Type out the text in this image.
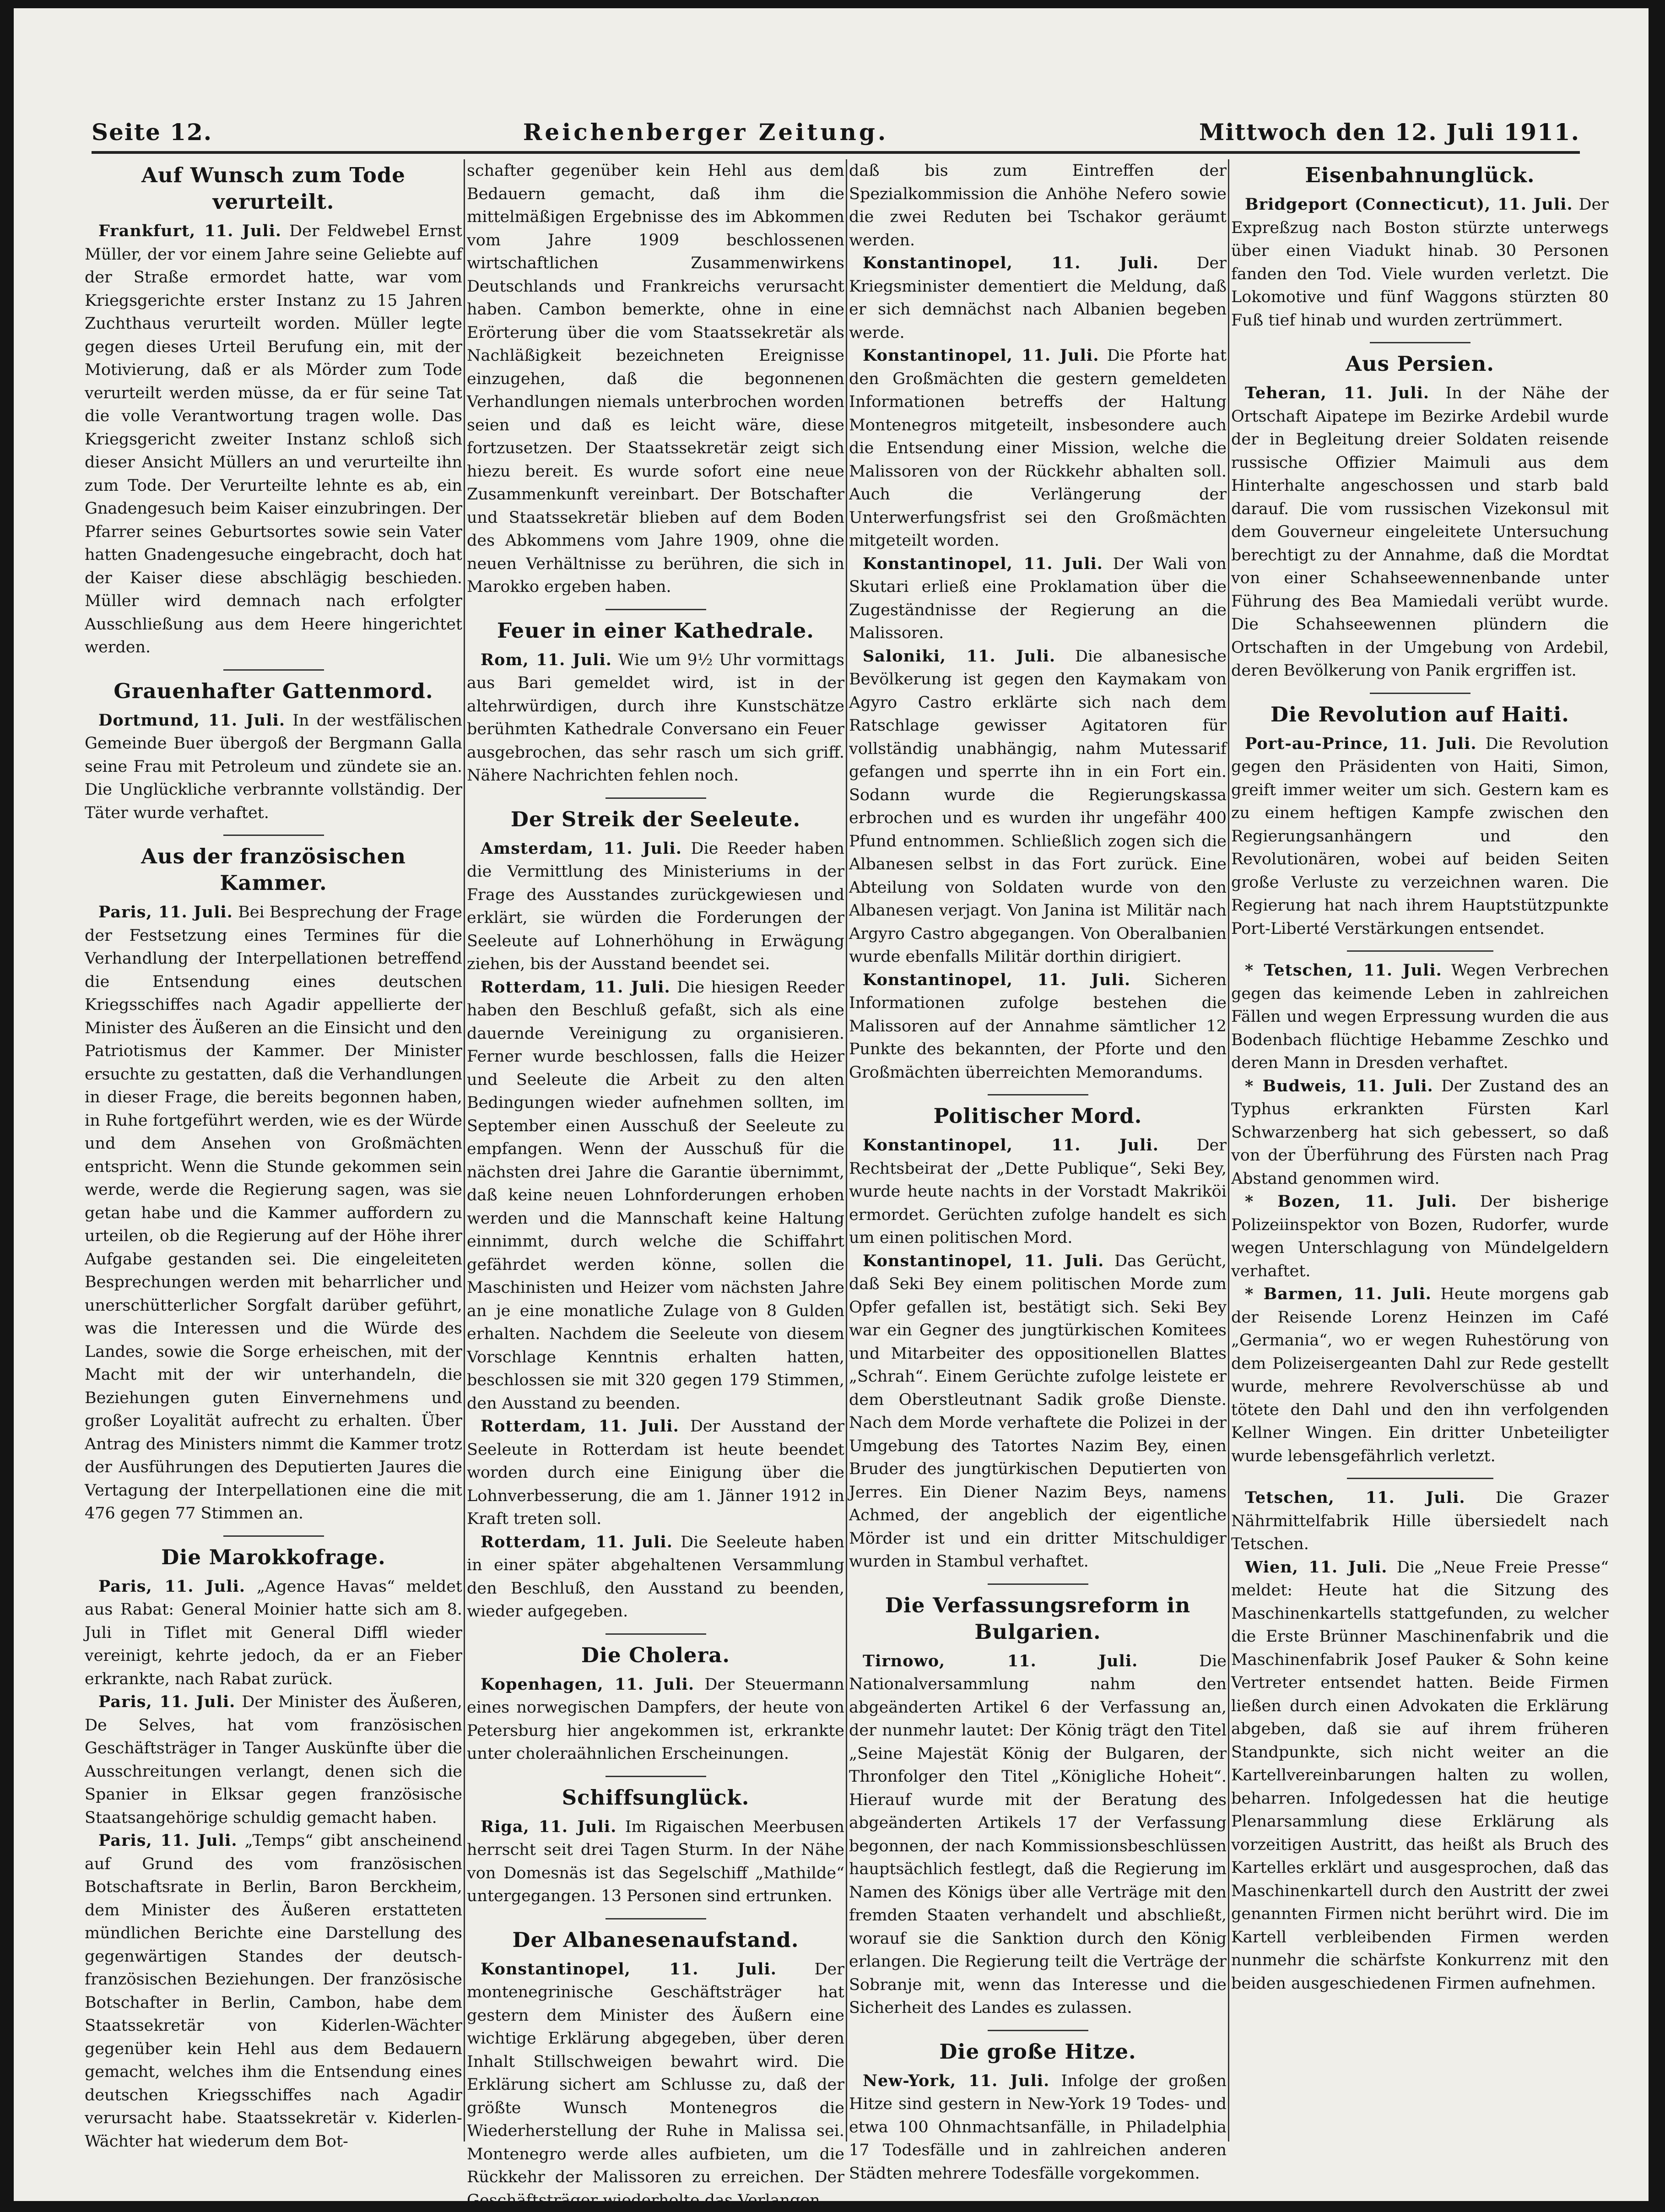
Seite 12.	Reichenberger Zeitung.	Mittwoch den 12. Juli 1911.
Auf Wunsch zum Tode verurteilt.

Frankfurt, 11. Juli. Der Feldwebel Ernst Müller, der vor einem Jahre seine Geliebte auf der Straße ermordet hatte, war vom Kriegsgerichte erster Instanz zu 15 Jahren Zuchthaus verurteilt worden. Müller legte gegen dieses Urteil Berufung ein, mit der Motivierung, daß er als Mörder zum Tode verurteilt werden müsse, da er für seine Tat die volle Verantwortung tragen wolle. Das Kriegsgericht zweiter Instanz schloß sich dieser Ansicht Müllers an und verurteilte ihn zum Tode. Der Verurteilte lehnte es ab, ein Gnadengesuch beim Kaiser einzubringen. Der Pfarrer seines Geburtsortes sowie sein Vater hatten Gnadengesuche eingebracht, doch hat der Kaiser diese abschlägig beschieden. Müller wird demnach nach erfolgter Ausschließung aus dem Heere hingerichtet werden.

Grauenhafter Gattenmord.

Dortmund, 11. Juli. In der westfälischen Gemeinde Buer übergoß der Bergmann Galla seine Frau mit Petroleum und zündete sie an. Die Unglückliche verbrannte vollständig. Der Täter wurde verhaftet.

Aus der französischen Kammer.

Paris, 11. Juli. Bei Besprechung der Frage der Festsetzung eines Termines für die Verhandlung der Interpellationen betreffend die Entsendung eines deutschen Kriegsschiffes nach Agadir appellierte der Minister des Äußeren an die Einsicht und den Patriotismus der Kammer. Der Minister ersuchte zu gestatten, daß die Verhandlungen in dieser Frage, die bereits begonnen haben, in Ruhe fortgeführt werden, wie es der Würde und dem Ansehen von Großmächten entspricht. Wenn die Stunde gekommen sein werde, werde die Regierung sagen, was sie getan habe und die Kammer auffordern zu urteilen, ob die Regierung auf der Höhe ihrer Aufgabe gestanden sei. Die eingeleiteten Besprechungen werden mit beharrlicher und unerschütterlicher Sorgfalt darüber geführt, was die Interessen und die Würde des Landes, sowie die Sorge erheischen, mit der Macht mit der wir unterhandeln, die Beziehungen guten Einvernehmens und großer Loyalität aufrecht zu erhalten. Über Antrag des Ministers nimmt die Kammer trotz der Ausführungen des Deputierten Jaures die Vertagung der Interpellationen eine die mit 476 gegen 77 Stimmen an.

Die Marokkofrage.

Paris, 11. Juli. „Agence Havas“ meldet aus Rabat: General Moinier hatte sich am 8. Juli in Tiflet mit General Diffl wieder vereinigt, kehrte jedoch, da er an Fieber erkrankte, nach Rabat zurück.

Paris, 11. Juli. Der Minister des Äußeren, De Selves, hat vom französischen Geschäftsträger in Tanger Auskünfte über die Ausschreitungen verlangt, denen sich die Spanier in Elksar gegen französische Staatsangehörige schuldig gemacht haben.

Paris, 11. Juli. „Temps“ gibt anscheinend auf Grund des vom französischen Botschaftsrate in Berlin, Baron Berckheim, dem Minister des Äußeren erstatteten mündlichen Berichte eine Darstellung des gegenwärtigen Standes der deutsch-französischen Beziehungen. Der französische Botschafter in Berlin, Cambon, habe dem Staatssekretär von Kiderlen-Wächter gegenüber kein Hehl aus dem Bedauern gemacht, welches ihm die Entsendung eines deutschen Kriegsschiffes nach Agadir verursacht habe. Staatssekretär v. Kiderlen-Wächter hat wiederum dem Bot-

schafter gegenüber kein Hehl aus dem Bedauern gemacht, daß ihm die mittelmäßigen Ergebnisse des im Abkommen vom Jahre 1909 beschlossenen wirtschaftlichen Zusammenwirkens Deutschlands und Frankreichs verursacht haben. Cambon bemerkte, ohne in eine Erörterung über die vom Staatssekretär als Nachläßigkeit bezeichneten Ereignisse einzugehen, daß die begonnenen Verhandlungen niemals unterbrochen worden seien und daß es leicht wäre, diese fortzusetzen. Der Staatssekretär zeigt sich hiezu bereit. Es wurde sofort eine neue Zusammenkunft vereinbart. Der Botschafter und Staatssekretär blieben auf dem Boden des Abkommens vom Jahre 1909, ohne die neuen Verhältnisse zu berühren, die sich in Marokko ergeben haben.

Feuer in einer Kathedrale.

Rom, 11. Juli. Wie um 9½ Uhr vormittags aus Bari gemeldet wird, ist in der altehrwürdigen, durch ihre Kunstschätze berühmten Kathedrale Conversano ein Feuer ausgebrochen, das sehr rasch um sich griff. Nähere Nachrichten fehlen noch.

Der Streik der Seeleute.

Amsterdam, 11. Juli. Die Reeder haben die Vermittlung des Ministeriums in der Frage des Ausstandes zurückgewiesen und erklärt, sie würden die Forderungen der Seeleute auf Lohnerhöhung in Erwägung ziehen, bis der Ausstand beendet sei.

Rotterdam, 11. Juli. Die hiesigen Reeder haben den Beschluß gefaßt, sich als eine dauernde Vereinigung zu organisieren. Ferner wurde beschlossen, falls die Heizer und Seeleute die Arbeit zu den alten Bedingungen wieder aufnehmen sollten, im September einen Ausschuß der Seeleute zu empfangen. Wenn der Ausschuß für die nächsten drei Jahre die Garantie übernimmt, daß keine neuen Lohnforderungen erhoben werden und die Mannschaft keine Haltung einnimmt, durch welche die Schiffahrt gefährdet werden könne, sollen die Maschinisten und Heizer vom nächsten Jahre an je eine monatliche Zulage von 8 Gulden erhalten. Nachdem die Seeleute von diesem Vorschlage Kenntnis erhalten hatten, beschlossen sie mit 320 gegen 179 Stimmen, den Ausstand zu beenden.

Rotterdam, 11. Juli. Der Ausstand der Seeleute in Rotterdam ist heute beendet worden durch eine Einigung über die Lohnverbesserung, die am 1. Jänner 1912 in Kraft treten soll.

Rotterdam, 11. Juli. Die Seeleute haben in einer später abgehaltenen Versammlung den Beschluß, den Ausstand zu beenden, wieder aufgegeben.

Die Cholera.

Kopenhagen, 11. Juli. Der Steuermann eines norwegischen Dampfers, der heute von Petersburg hier angekommen ist, erkrankte unter choleraähnlichen Erscheinungen.

Schiffsunglück.

Riga, 11. Juli. Im Rigaischen Meerbusen herrscht seit drei Tagen Sturm. In der Nähe von Domesnäs ist das Segelschiff „Mathilde“ untergegangen. 13 Personen sind ertrunken.

Der Albanesenaufstand.

Konstantinopel, 11. Juli. Der montenegrinische Geschäftsträger hat gestern dem Minister des Äußern eine wichtige Erklärung abgegeben, über deren Inhalt Stillschweigen bewahrt wird. Die Erklärung sichert am Schlusse zu, daß der größte Wunsch Montenegros die Wiederherstellung der Ruhe in Malissa sei. Montenegro werde alles aufbieten, um die Rückkehr der Malissoren zu erreichen. Der Geschäftsträger wiederholte das Verlangen,

daß bis zum Eintreffen der Spezialkommission die Anhöhe Nefero sowie die zwei Reduten bei Tschakor geräumt werden.

Konstantinopel, 11. Juli. Der Kriegsminister dementiert die Meldung, daß er sich demnächst nach Albanien begeben werde.

Konstantinopel, 11. Juli. Die Pforte hat den Großmächten die gestern gemeldeten Informationen betreffs der Haltung Montenegros mitgeteilt, insbesondere auch die Entsendung einer Mission, welche die Malissoren von der Rückkehr abhalten soll. Auch die Verlängerung der Unterwerfungsfrist sei den Großmächten mitgeteilt worden.

Konstantinopel, 11. Juli. Der Wali von Skutari erließ eine Proklamation über die Zugeständnisse der Regierung an die Malissoren.

Saloniki, 11. Juli. Die albanesische Bevölkerung ist gegen den Kaymakam von Agyro Castro erklärte sich nach dem Ratschlage gewisser Agitatoren für vollständig unabhängig, nahm Mutessarif gefangen und sperrte ihn in ein Fort ein. Sodann wurde die Regierungskassa erbrochen und es wurden ihr ungefähr 400 Pfund entnommen. Schließlich zogen sich die Albanesen selbst in das Fort zurück. Eine Abteilung von Soldaten wurde von den Albanesen verjagt. Von Janina ist Militär nach Argyro Castro abgegangen. Von Oberalbanien wurde ebenfalls Militär dorthin dirigiert.

Konstantinopel, 11. Juli. Sicheren Informationen zufolge bestehen die Malissoren auf der Annahme sämtlicher 12 Punkte des bekannten, der Pforte und den Großmächten überreichten Memorandums.

Politischer Mord.

Konstantinopel, 11. Juli. Der Rechtsbeirat der „Dette Publique“, Seki Bey, wurde heute nachts in der Vorstadt Makriköi ermordet. Gerüchten zufolge handelt es sich um einen politischen Mord.

Konstantinopel, 11. Juli. Das Gerücht, daß Seki Bey einem politischen Morde zum Opfer gefallen ist, bestätigt sich. Seki Bey war ein Gegner des jungtürkischen Komitees und Mitarbeiter des oppositionellen Blattes „Schrah“. Einem Gerüchte zufolge leistete er dem Oberstleutnant Sadik große Dienste. Nach dem Morde verhaftete die Polizei in der Umgebung des Tatortes Nazim Bey, einen Bruder des jungtürkischen Deputierten von Jerres. Ein Diener Nazim Beys, namens Achmed, der angeblich der eigentliche Mörder ist und ein dritter Mitschuldiger wurden in Stambul verhaftet.

Die Verfassungsreform in Bulgarien.

Tirnowo, 11. Juli.	Die Nationalversammlung nahm den abgeänderten Artikel 6 der Verfassung an, der nunmehr lautet: Der König trägt den Titel „Seine Majestät König der Bulgaren, der Thronfolger den Titel „Königliche Hoheit“. Hierauf wurde mit der Beratung des abgeänderten Artikels 17 der Verfassung begonnen, der nach Kommissionsbeschlüssen hauptsächlich festlegt, daß die Regierung im Namen des Königs über alle Verträge mit den fremden Staaten verhandelt und abschließt, worauf sie die Sanktion durch den König erlangen. Die Regierung teilt die Verträge der Sobranje mit, wenn das Interesse und die Sicherheit des Landes es zulassen.

Die große Hitze.

New-York, 11. Juli. Infolge der großen Hitze sind gestern in New-York 19 Todes- und etwa 100 Ohnmachtsanfälle, in Philadelphia 17 Todesfälle und in zahlreichen anderen Städten mehrere Todesfälle vorgekommen.

Eisenbahnunglück.

Bridgeport (Connecticut), 11. Juli. Der Expreßzug nach Boston stürzte unterwegs über einen Viadukt hinab. 30 Personen fanden den Tod. Viele wurden verletzt. Die Lokomotive und fünf Waggons stürzten 80 Fuß tief hinab und wurden zertrümmert.

Aus Persien.

Teheran, 11. Juli. In der Nähe der Ortschaft Aipatepe im Bezirke Ardebil wurde der in Begleitung dreier Soldaten reisende russische Offizier Maimuli aus dem Hinterhalte angeschossen und starb bald darauf. Die vom russischen Vizekonsul mit dem Gouverneur eingeleitete Untersuchung berechtigt zu der Annahme, daß die Mordtat von einer Schahseewennenbande unter Führung des Bea Mamiedali verübt wurde. Die Schahseewennen plündern die Ortschaften in der Umgebung von Ardebil, deren Bevölkerung von Panik ergriffen ist.

Die Revolution auf Haiti.

Port-au-Prince, 11. Juli. Die Revolution gegen den Präsidenten von Haiti, Simon, greift immer weiter um sich. Gestern kam es zu einem heftigen Kampfe zwischen den Regierungsanhängern und den Revolutionären, wobei auf beiden Seiten große Verluste zu verzeichnen waren. Die Regierung hat nach ihrem Hauptstützpunkte Port-Liberté Verstärkungen entsendet.

* Tetschen, 11. Juli. Wegen Verbrechen gegen das keimende Leben in zahlreichen Fällen und wegen Erpressung wurden die aus Bodenbach flüchtige Hebamme Zeschko und deren Mann in Dresden verhaftet.

* Budweis, 11. Juli. Der Zustand des an Typhus erkrankten Fürsten Karl Schwarzenberg hat sich gebessert, so daß von der Überführung des Fürsten nach Prag Abstand genommen wird.

* Bozen, 11. Juli. Der bisherige Polizeiinspektor von Bozen, Rudorfer, wurde wegen Unterschlagung von Mündelgeldern verhaftet.

* Barmen, 11. Juli. Heute morgens gab der Reisende Lorenz Heinzen im Café „Germania“, wo er wegen Ruhestörung von dem Polizeisergeanten Dahl zur Rede gestellt wurde, mehrere Revolverschüsse ab und tötete den Dahl und den ihn verfolgenden Kellner Wingen. Ein dritter Unbeteiligter wurde lebensgefährlich verletzt.

Tetschen, 11. Juli. Die Grazer Nährmittelfabrik Hille übersiedelt nach Tetschen.

Wien, 11. Juli. Die „Neue Freie Presse“ meldet: Heute hat die Sitzung des Maschinenkartells stattgefunden, zu welcher die Erste Brünner Maschinenfabrik und die Maschinenfabrik Josef Pauker & Sohn keine Vertreter entsendet hatten. Beide Firmen ließen durch einen Advokaten die Erklärung abgeben, daß sie auf ihrem früheren Standpunkte, sich nicht weiter an die Kartellvereinbarungen halten zu wollen, beharren. Infolgedessen hat die heutige Plenarsammlung diese Erklärung als vorzeitigen Austritt, das heißt als Bruch des Kartelles erklärt und ausgesprochen, daß das Maschinenkartell durch den Austritt der zwei genannten Firmen nicht berührt wird. Die im Kartell verbleibenden Firmen werden nunmehr die schärfste Konkurrenz mit den beiden ausgeschiedenen Firmen aufnehmen.
